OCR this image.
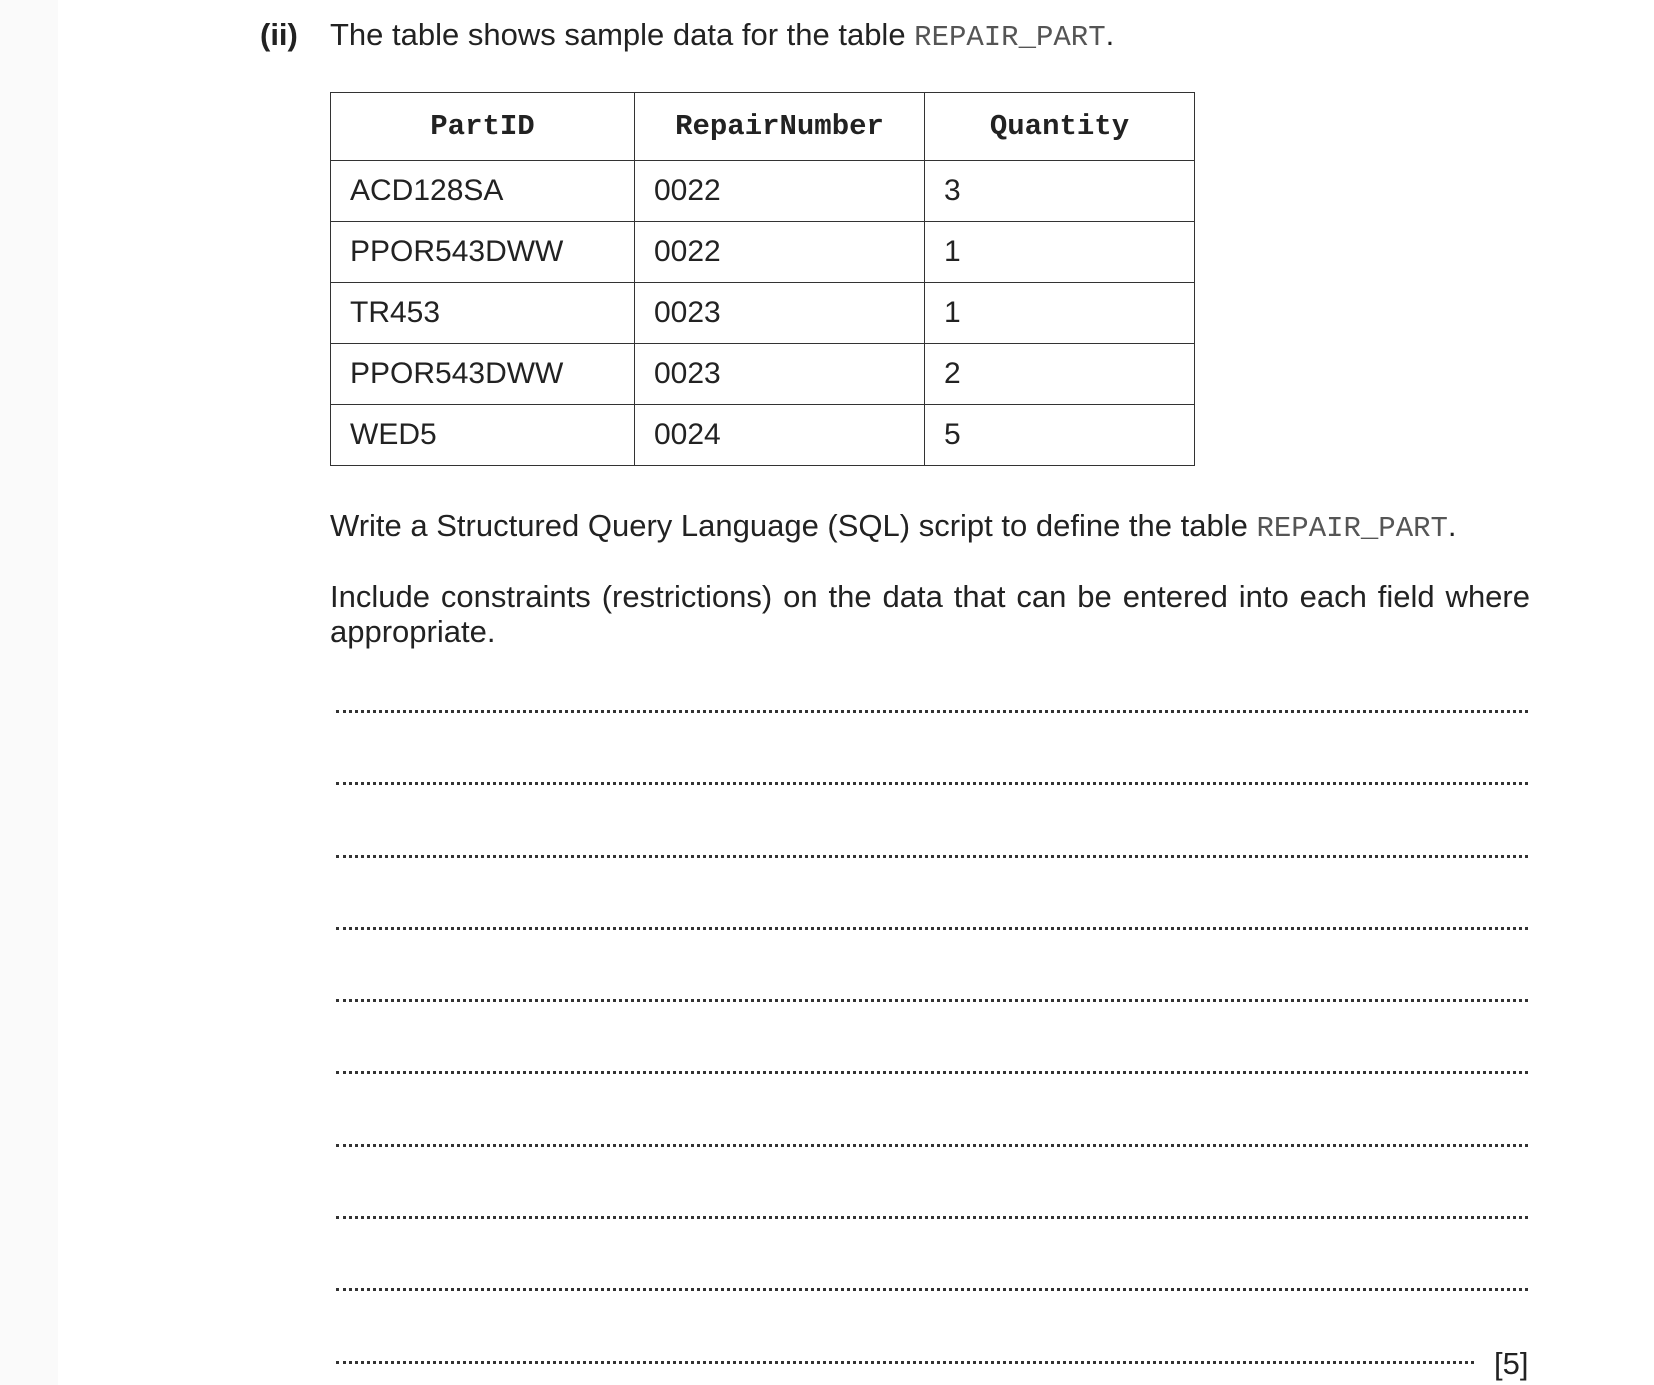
(ii) The table shows sample data for the table REPAIR_PART.
PartID	RepairNumber	Quantity
ACD128SA	0022	3
PPOR543DWW	0022	1
TR453	0023	1
PPOR543DWW	0023	2
WED5	0024	5
Write a Structured Query Language (SQL) script to define the table REPAIR_PART.
Include constraints (restrictions) on the data that can be entered into each field where appropriate.
[5]
